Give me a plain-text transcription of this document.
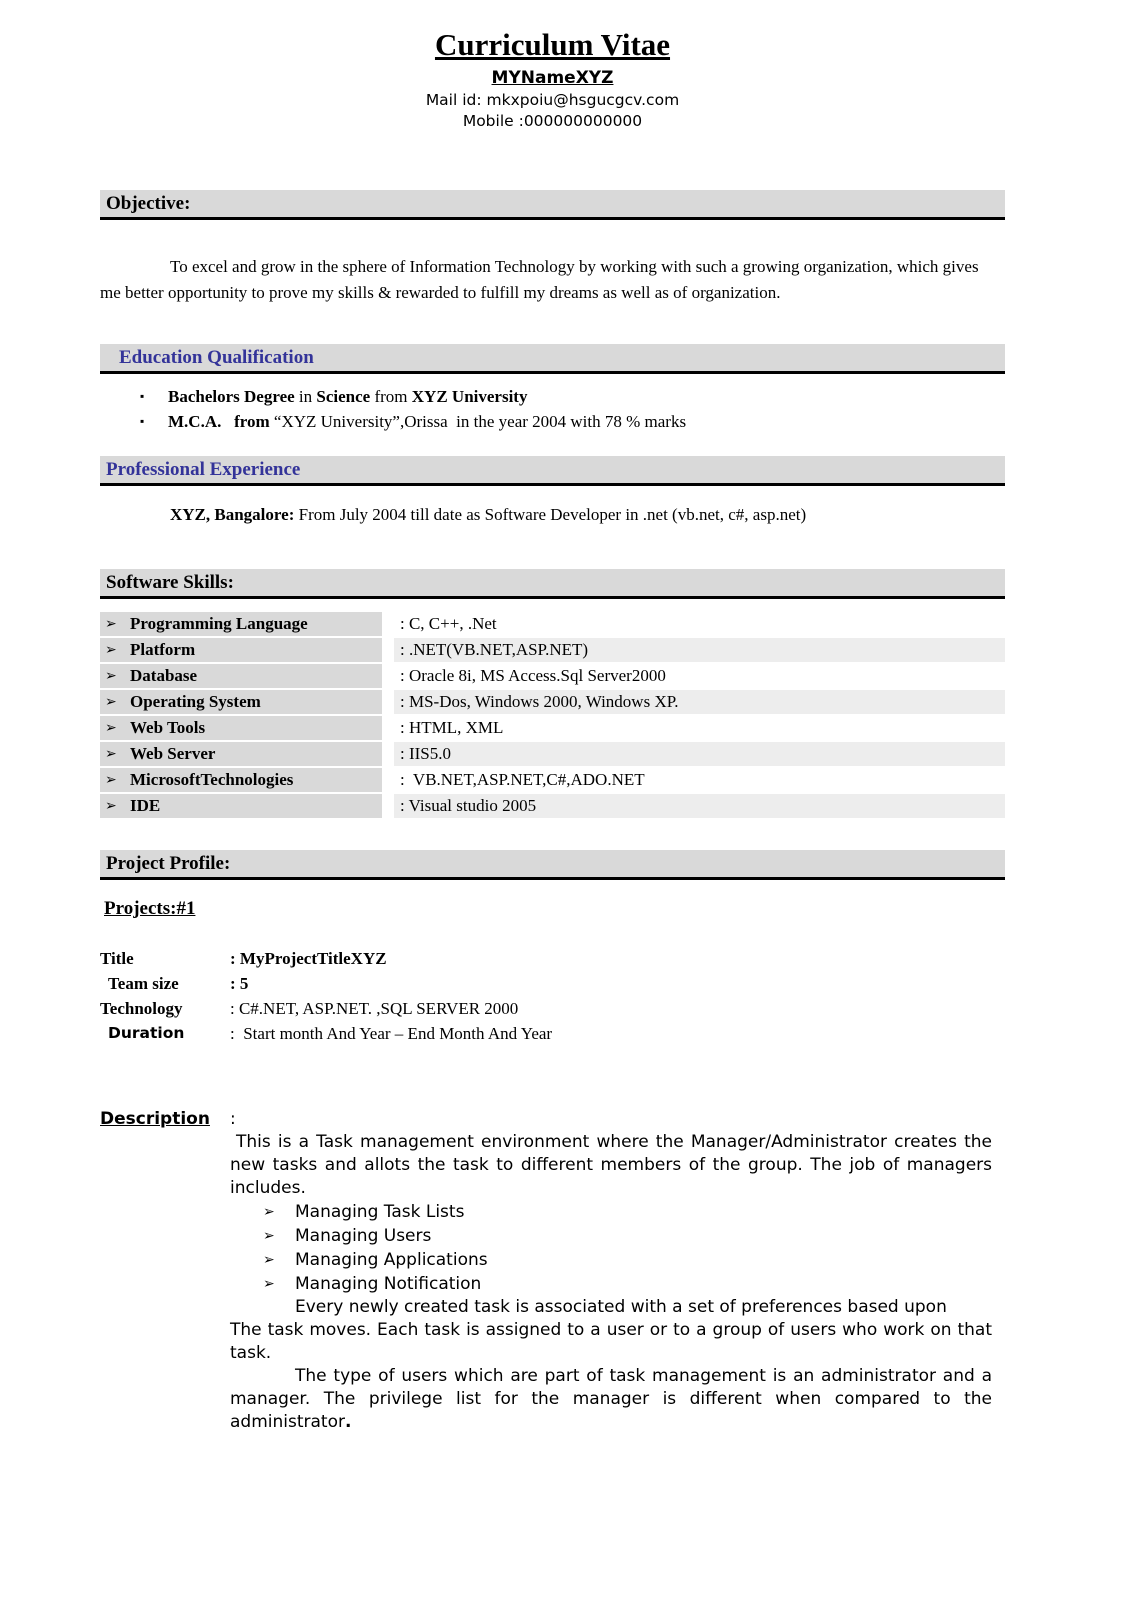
Curriculum Vitae
MYNameXYZ
Mail id: mkxpoiu@hsgucgcv.com
Mobile :000000000000
Objective:

To excel and grow in the sphere of Information Technology by working with such a growing organization, which gives me better opportunity to prove my skills & rewarded to fulfill my dreams as well as of organization.

Education Qualification
▪	Bachelors Degree in Science from XYZ University
▪	M.C.A.   from “XYZ University”,Orissa  in the year 2004 with 78 % marks
Professional Experience

XYZ, Bangalore: From July 2004 till date as Software Developer in .net (vb.net, c#, asp.net)

Software Skills:
➢ Programming Language	: C, C++, .Net
➢ Platform	: .NET(VB.NET,ASP.NET)
➢ Database	: Oracle 8i, MS Access.Sql Server2000
➢ Operating System	: MS-Dos, Windows 2000, Windows XP.
➢ Web Tools	: HTML, XML
➢ Web Server	: IIS5.0
➢ MicrosoftTechnologies	:  VB.NET,ASP.NET,C#,ADO.NET
➢ IDE	: Visual studio 2005
Project Profile:
Projects:#1
Title	: MyProjectTitleXYZ
Team size	: 5
Technology	: C#.NET, ASP.NET. ,SQL SERVER 2000
Duration	:  Start month And Year – End Month And Year
Description	:

This is a Task management environment where the Manager/Administrator creates the new tasks and allots the task to different members of the group. The job of managers includes.

➢	Managing Task Lists
➢	Managing Users
➢	Managing Applications
➢	Managing Notification

Every newly created task is associated with a set of preferences based upon

The task moves. Each task is assigned to a user or to a group of users who work on that task.

The type of users which are part of task management is an administrator and a manager. The privilege list for the manager is different when compared to the administrator.
